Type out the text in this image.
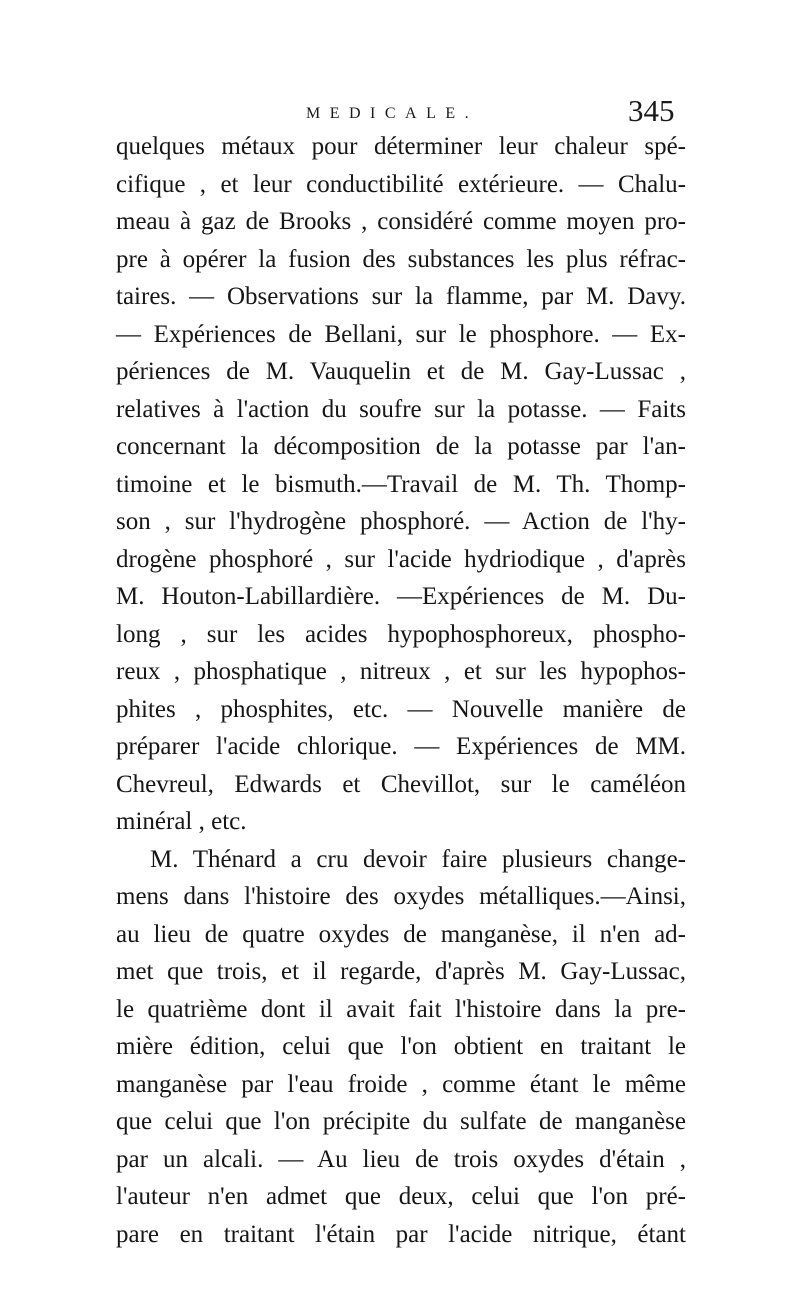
MEDICALE.	345
quelques métaux pour déterminer leur chaleur spé-
cifique , et leur conductibilité extérieure. — Chalu-
meau à gaz de Brooks , considéré comme moyen pro-
pre à opérer la fusion des substances les plus réfrac-
taires. — Observations sur la flamme, par M. Davy.
— Expériences de Bellani, sur le phosphore. — Ex-
périences de M. Vauquelin et de M. Gay-Lussac ,
relatives à l'action du soufre sur la potasse. — Faits
concernant la décomposition de la potasse par l'an-
timoine et le bismuth.—Travail de M. Th. Thomp-
son , sur l'hydrogène phosphoré. — Action de l'hy-
drogène phosphoré , sur l'acide hydriodique , d'après
M. Houton-Labillardière. —Expériences de M. Du-
long , sur les acides hypophosphoreux, phospho-
reux , phosphatique , nitreux , et sur les hypophos-
phites , phosphites, etc. — Nouvelle manière de
préparer l'acide chlorique. — Expériences de MM.
Chevreul, Edwards et Chevillot, sur le caméléon
minéral , etc.
M. Thénard a cru devoir faire plusieurs change-
mens dans l'histoire des oxydes métalliques.—Ainsi,
au lieu de quatre oxydes de manganèse, il n'en ad-
met que trois, et il regarde, d'après M. Gay-Lussac,
le quatrième dont il avait fait l'histoire dans la pre-
mière édition, celui que l'on obtient en traitant le
manganèse par l'eau froide , comme étant le même
que celui que l'on précipite du sulfate de manganèse
par un alcali. — Au lieu de trois oxydes d'étain ,
l'auteur n'en admet que deux, celui que l'on pré-
pare en traitant l'étain par l'acide nitrique, étant
